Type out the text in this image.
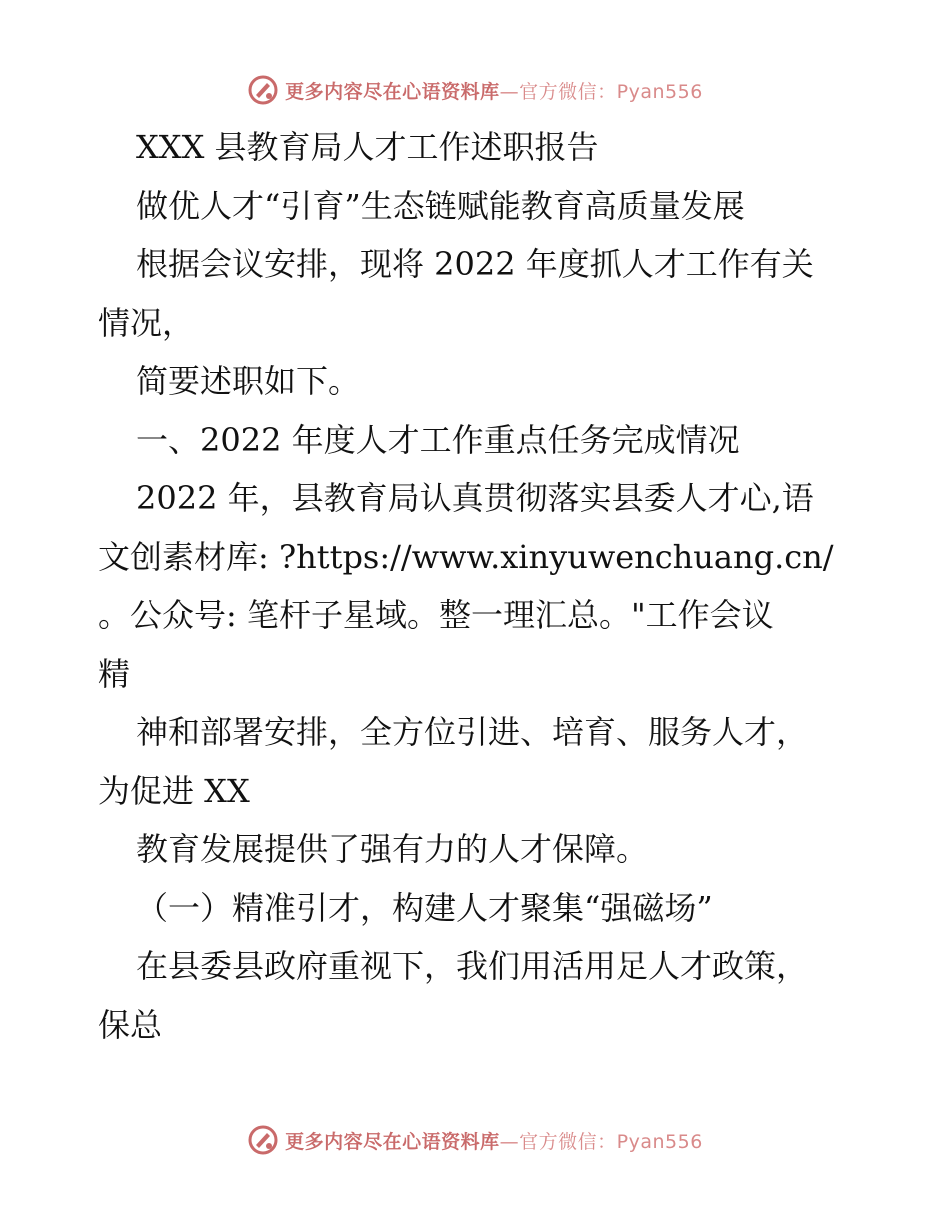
更多内容尽在心语资料库—官方微信：Pyan556
XXX 县教育局人才工作述职报告
做优人才“引育”生态链赋能教育高质量发展
根据会议安排，现将 2022 年度抓人才工作有关
情况，
简要述职如下。
一、2022 年度人才工作重点任务完成情况
2022 年，县教育局认真贯彻落实县委人才心,语
文创素材库: ?https://www.xinyuwenchuang.cn/
。公众号: 笔杆子星域。整一理汇总。"工作会议
精
神和部署安排，全方位引进、培育、服务人才，
为促进 XX
教育发展提供了强有力的人才保障。
（一）精准引才，构建人才聚集“强磁场”
在县委县政府重视下，我们用活用足人才政策，
保总
更多内容尽在心语资料库—官方微信：Pyan556
